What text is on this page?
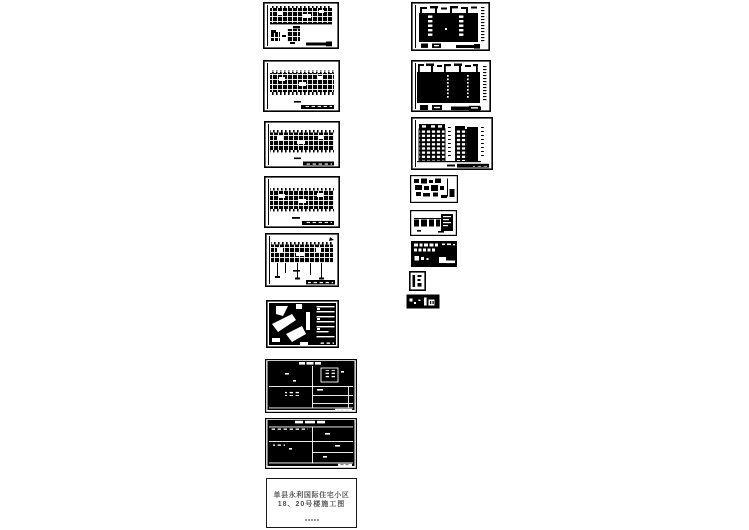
单县永利国际住宅小区
18、20号楼施工图
